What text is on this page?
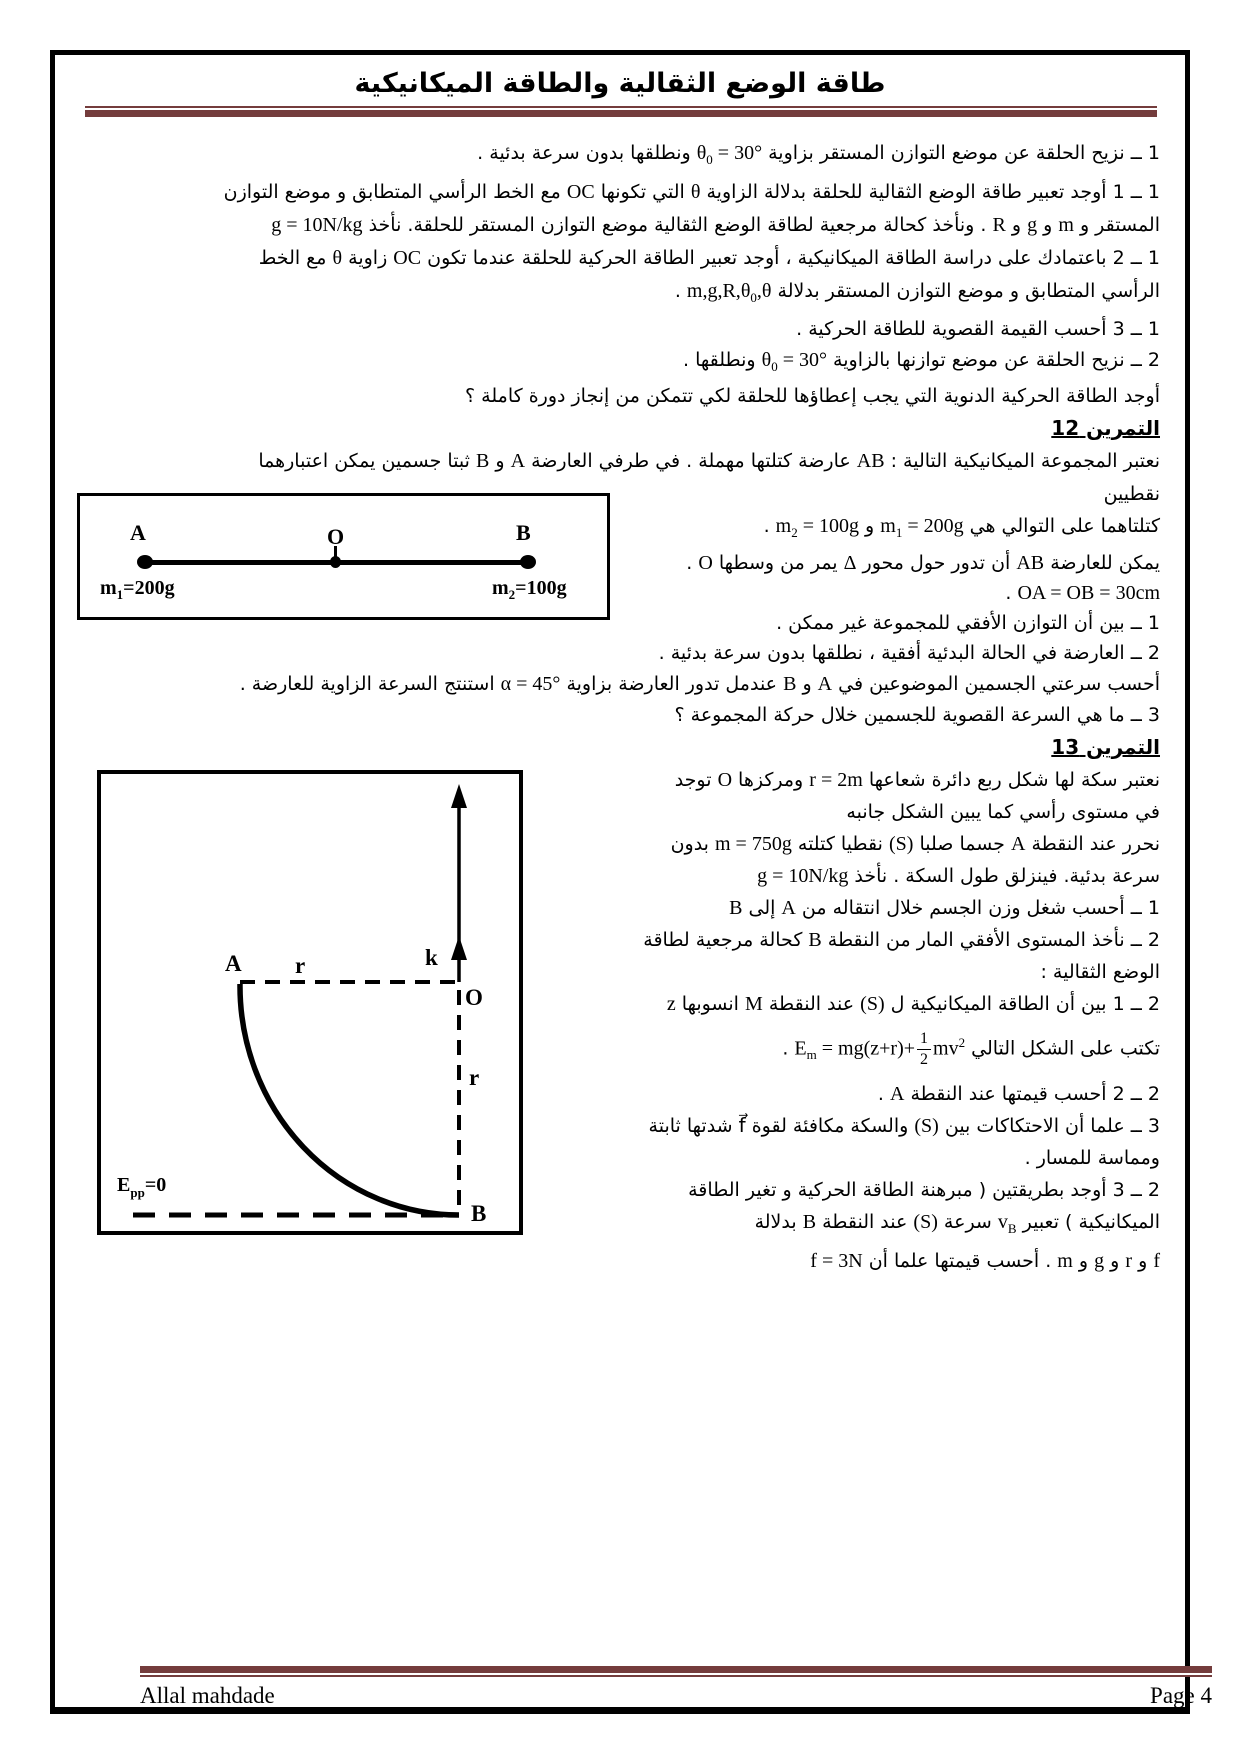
طاقة الوضع الثقالية والطاقة الميكانيكية
1 ــ نزيح الحلقة عن موضع التوازن المستقر بزاوية $\theta_0 = 30^\circ$ ونطلقها بدون سرعة بدئية .
1 ــ 1 أوجد تعبير طاقة الوضع الثقالية للحلقة بدلالة الزاوية θ التي تكونها OC مع الخط الرأسي المتطابق و موضع التوازن
المستقر و m و g و R . ونأخذ كحالة مرجعية لطاقة الوضع الثقالية موضع التوازن المستقر للحلقة. نأخذ g = 10N/kg
1 ــ 2 باعتمادك على دراسة الطاقة الميكانيكية ، أوجد تعبير الطاقة الحركية للحلقة عندما تكون OC زاوية θ مع الخط
الرأسي المتطابق و موضع التوازن المستقر بدلالة $m,g,R,\theta_0,\theta$ .
1 ــ 3 أحسب القيمة القصوية للطاقة الحركية .
2 ــ نزيح الحلقة عن موضع توازنها بالزاوية $\theta_0 = 30^\circ$ ونطلقها .
أوجد الطاقة الحركية الدنوية التي يجب إعطاؤها للحلقة لكي تتمكن من إنجاز دورة كاملة ؟
التمرين 12
نعتبر المجموعة الميكانيكية التالية : AB عارضة كتلتها مهملة . في طرفي العارضة A و B ثبتا جسمين يمكن اعتبارهما
نقطيين
كتلتاهما على التوالي هي $m_1 = 200g$ و $m_2 = 100g$ .
يمكن للعارضة AB أن تدور حول محور Δ يمر من وسطها O .
OA = OB = 30cm .
1 ــ بين أن التوازن الأفقي للمجموعة غير ممكن .
2 ــ العارضة في الحالة البدئية أفقية ، نطلقها بدون سرعة بدئية .
أحسب سرعتي الجسمين الموضوعين في A و B عندمل تدور العارضة بزاوية α = 45° استنتج السرعة الزاوية للعارضة .
3 ــ ما هي السرعة القصوية للجسمين خلال حركة المجموعة ؟
التمرين 13
نعتبر سكة لها شكل ربع دائرة شعاعها r = 2m ومركزها O توجد
في مستوى رأسي كما يبين الشكل جانبه
نحرر عند النقطة A جسما صلبا (S) نقطيا كتلته m = 750g بدون
سرعة بدئية. فينزلق طول السكة . نأخذ g = 10N/kg
1 ــ أحسب شغل وزن الجسم خلال انتقاله من A إلى B
2 ــ نأخذ المستوى الأفقي المار من النقطة B كحالة مرجعية لطاقة
الوضع الثقالية :
2 ــ 1 بين أن الطاقة الميكانيكية ل (S) عند النقطة M انسوبها z
تكتب على الشكل التالي $E_m = mg(z+r)+ \frac{1}{2} mv^2$ .
2 ــ 2 أحسب قيمتها عند النقطة A .
3 ــ علما أن الاحتكاكات بين (S) والسكة مكافئة لقوة f⃗ شدتها ثابتة
ومماسة للمسار .
2 ــ 3 أوجد بطريقتين ( مبرهنة الطاقة الحركية و تغير الطاقة
الميكانيكية ) تعبير $v_B$ سرعة (S) عند النقطة B بدلالة
f و r و g و m . أحسب قيمتها علما أن f = 3N
Allal mahdade	Page 4
A	O	B
$m_1=200g$	$m_2=100g$
A r	k⃗
O
r
$E_{pp}=0$
B
